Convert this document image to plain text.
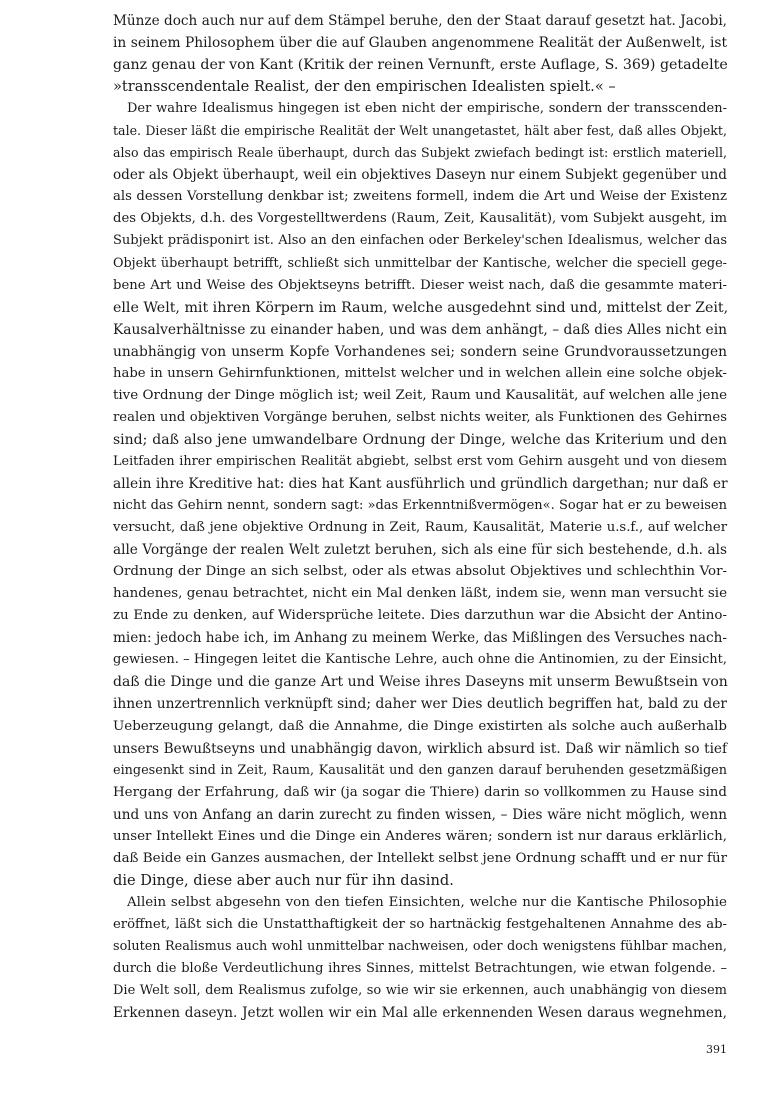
Münze doch auch nur auf dem Stämpel beruhe, den der Staat darauf gesetzt hat. Jacobi,
in seinem Philosophem über die auf Glauben angenommene Realität der Außenwelt, ist
ganz genau der von Kant (Kritik der reinen Vernunft, erste Auflage, S. 369) getadelte
»transscendentale Realist, der den empirischen Idealisten spielt.« –
Der wahre Idealismus hingegen ist eben nicht der empirische, sondern der transscenden-
tale. Dieser läßt die empirische Realität der Welt unangetastet, hält aber fest, daß alles Objekt,
also das empirisch Reale überhaupt, durch das Subjekt zwiefach bedingt ist: erstlich materiell,
oder als Objekt überhaupt, weil ein objektives Daseyn nur einem Subjekt gegenüber und
als dessen Vorstellung denkbar ist; zweitens formell, indem die Art und Weise der Existenz
des Objekts, d.h. des Vorgestelltwerdens (Raum, Zeit, Kausalität), vom Subjekt ausgeht, im
Subjekt prädisponirt ist. Also an den einfachen oder Berkeley'schen Idealismus, welcher das
Objekt überhaupt betrifft, schließt sich unmittelbar der Kantische, welcher die speciell gege-
bene Art und Weise des Objektseyns betrifft. Dieser weist nach, daß die gesammte materi-
elle Welt, mit ihren Körpern im Raum, welche ausgedehnt sind und, mittelst der Zeit,
Kausalverhältnisse zu einander haben, und was dem anhängt, – daß dies Alles nicht ein
unabhängig von unserm Kopfe Vorhandenes sei; sondern seine Grundvoraussetzungen
habe in unsern Gehirnfunktionen, mittelst welcher und in welchen allein eine solche objek-
tive Ordnung der Dinge möglich ist; weil Zeit, Raum und Kausalität, auf welchen alle jene
realen und objektiven Vorgänge beruhen, selbst nichts weiter, als Funktionen des Gehirnes
sind; daß also jene umwandelbare Ordnung der Dinge, welche das Kriterium und den
Leitfaden ihrer empirischen Realität abgiebt, selbst erst vom Gehirn ausgeht und von diesem
allein ihre Kreditive hat: dies hat Kant ausführlich und gründlich dargethan; nur daß er
nicht das Gehirn nennt, sondern sagt: »das Erkenntnißvermögen«. Sogar hat er zu beweisen
versucht, daß jene objektive Ordnung in Zeit, Raum, Kausalität, Materie u.s.f., auf welcher
alle Vorgänge der realen Welt zuletzt beruhen, sich als eine für sich bestehende, d.h. als
Ordnung der Dinge an sich selbst, oder als etwas absolut Objektives und schlechthin Vor-
handenes, genau betrachtet, nicht ein Mal denken läßt, indem sie, wenn man versucht sie
zu Ende zu denken, auf Widersprüche leitete. Dies darzuthun war die Absicht der Antino-
mien: jedoch habe ich, im Anhang zu meinem Werke, das Mißlingen des Versuches nach-
gewiesen. – Hingegen leitet die Kantische Lehre, auch ohne die Antinomien, zu der Einsicht,
daß die Dinge und die ganze Art und Weise ihres Daseyns mit unserm Bewußtsein von
ihnen unzertrennlich verknüpft sind; daher wer Dies deutlich begriffen hat, bald zu der
Ueberzeugung gelangt, daß die Annahme, die Dinge existirten als solche auch außerhalb
unsers Bewußtseyns und unabhängig davon, wirklich absurd ist. Daß wir nämlich so tief
eingesenkt sind in Zeit, Raum, Kausalität und den ganzen darauf beruhenden gesetzmäßigen
Hergang der Erfahrung, daß wir (ja sogar die Thiere) darin so vollkommen zu Hause sind
und uns von Anfang an darin zurecht zu finden wissen, – Dies wäre nicht möglich, wenn
unser Intellekt Eines und die Dinge ein Anderes wären; sondern ist nur daraus erklärlich,
daß Beide ein Ganzes ausmachen, der Intellekt selbst jene Ordnung schafft und er nur für
die Dinge, diese aber auch nur für ihn dasind.
Allein selbst abgesehn von den tiefen Einsichten, welche nur die Kantische Philosophie
eröffnet, läßt sich die Unstatthaftigkeit der so hartnäckig festgehaltenen Annahme des ab-
soluten Realismus auch wohl unmittelbar nachweisen, oder doch wenigstens fühlbar machen,
durch die bloße Verdeutlichung ihres Sinnes, mittelst Betrachtungen, wie etwan folgende. –
Die Welt soll, dem Realismus zufolge, so wie wir sie erkennen, auch unabhängig von diesem
Erkennen daseyn. Jetzt wollen wir ein Mal alle erkennenden Wesen daraus wegnehmen,
391
